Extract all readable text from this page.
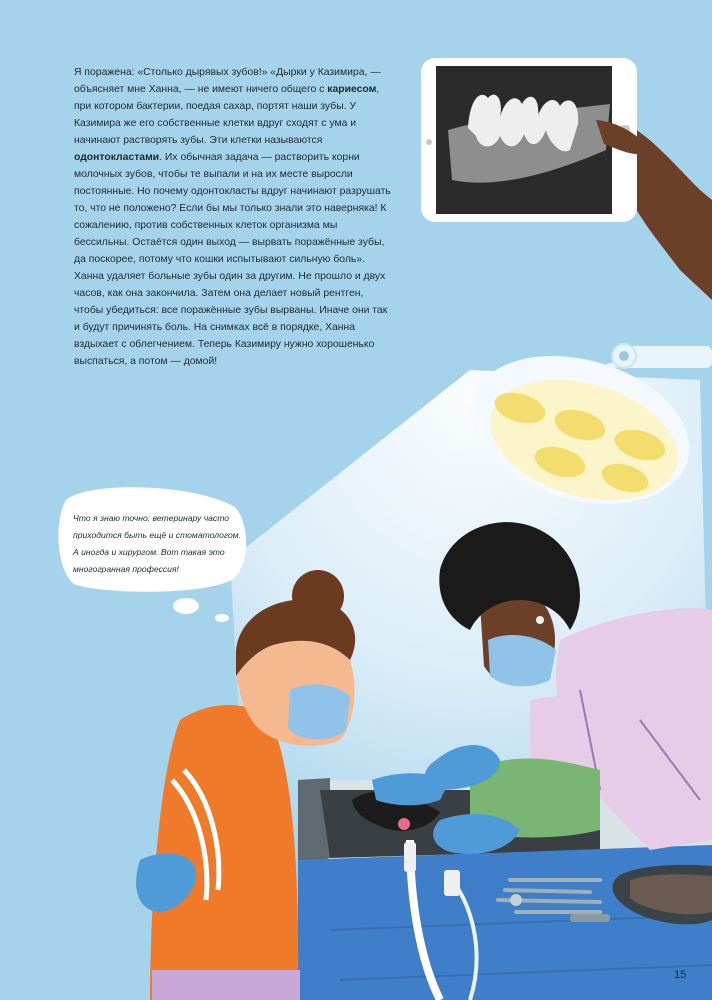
Я поражена: «Столько дырявых зубов!» «Дырки у Казимира, — объясняет мне Ханна, — не имеют ничего общего с кариесом, при котором бактерии, поедая сахар, портят наши зубы. У Казимира же его собственные клетки вдруг сходят с ума и начинают растворять зубы. Эти клетки называются одонтокластами. Их обычная задача — растворить корни молочных зубов, чтобы те выпали и на их месте выросли постоянные. Но почему одонтокласты вдруг начинают разрушать то, что не положено? Если бы мы только знали это наверняка! К сожалению, против собственных клеток организма мы бессильны. Остаётся один выход — вырвать поражённые зубы, да поскорее, потому что кошки испытывают сильную боль». Ханна удаляет больные зубы один за другим. Не прошло и двух часов, как она закончила. Затем она делает новый рентген, чтобы убедиться: все поражённые зубы вырваны. Иначе они так и будут причинять боль. На снимках всё в порядке, Ханна вздыхает с облегчением. Теперь Казимиру нужно хорошенько выспаться, а потом — домой!

Что я знаю точно: ветеринару часто приходится быть ещё и стоматологом. А иногда и хирургом. Вот такая это многогранная профессия!
15
